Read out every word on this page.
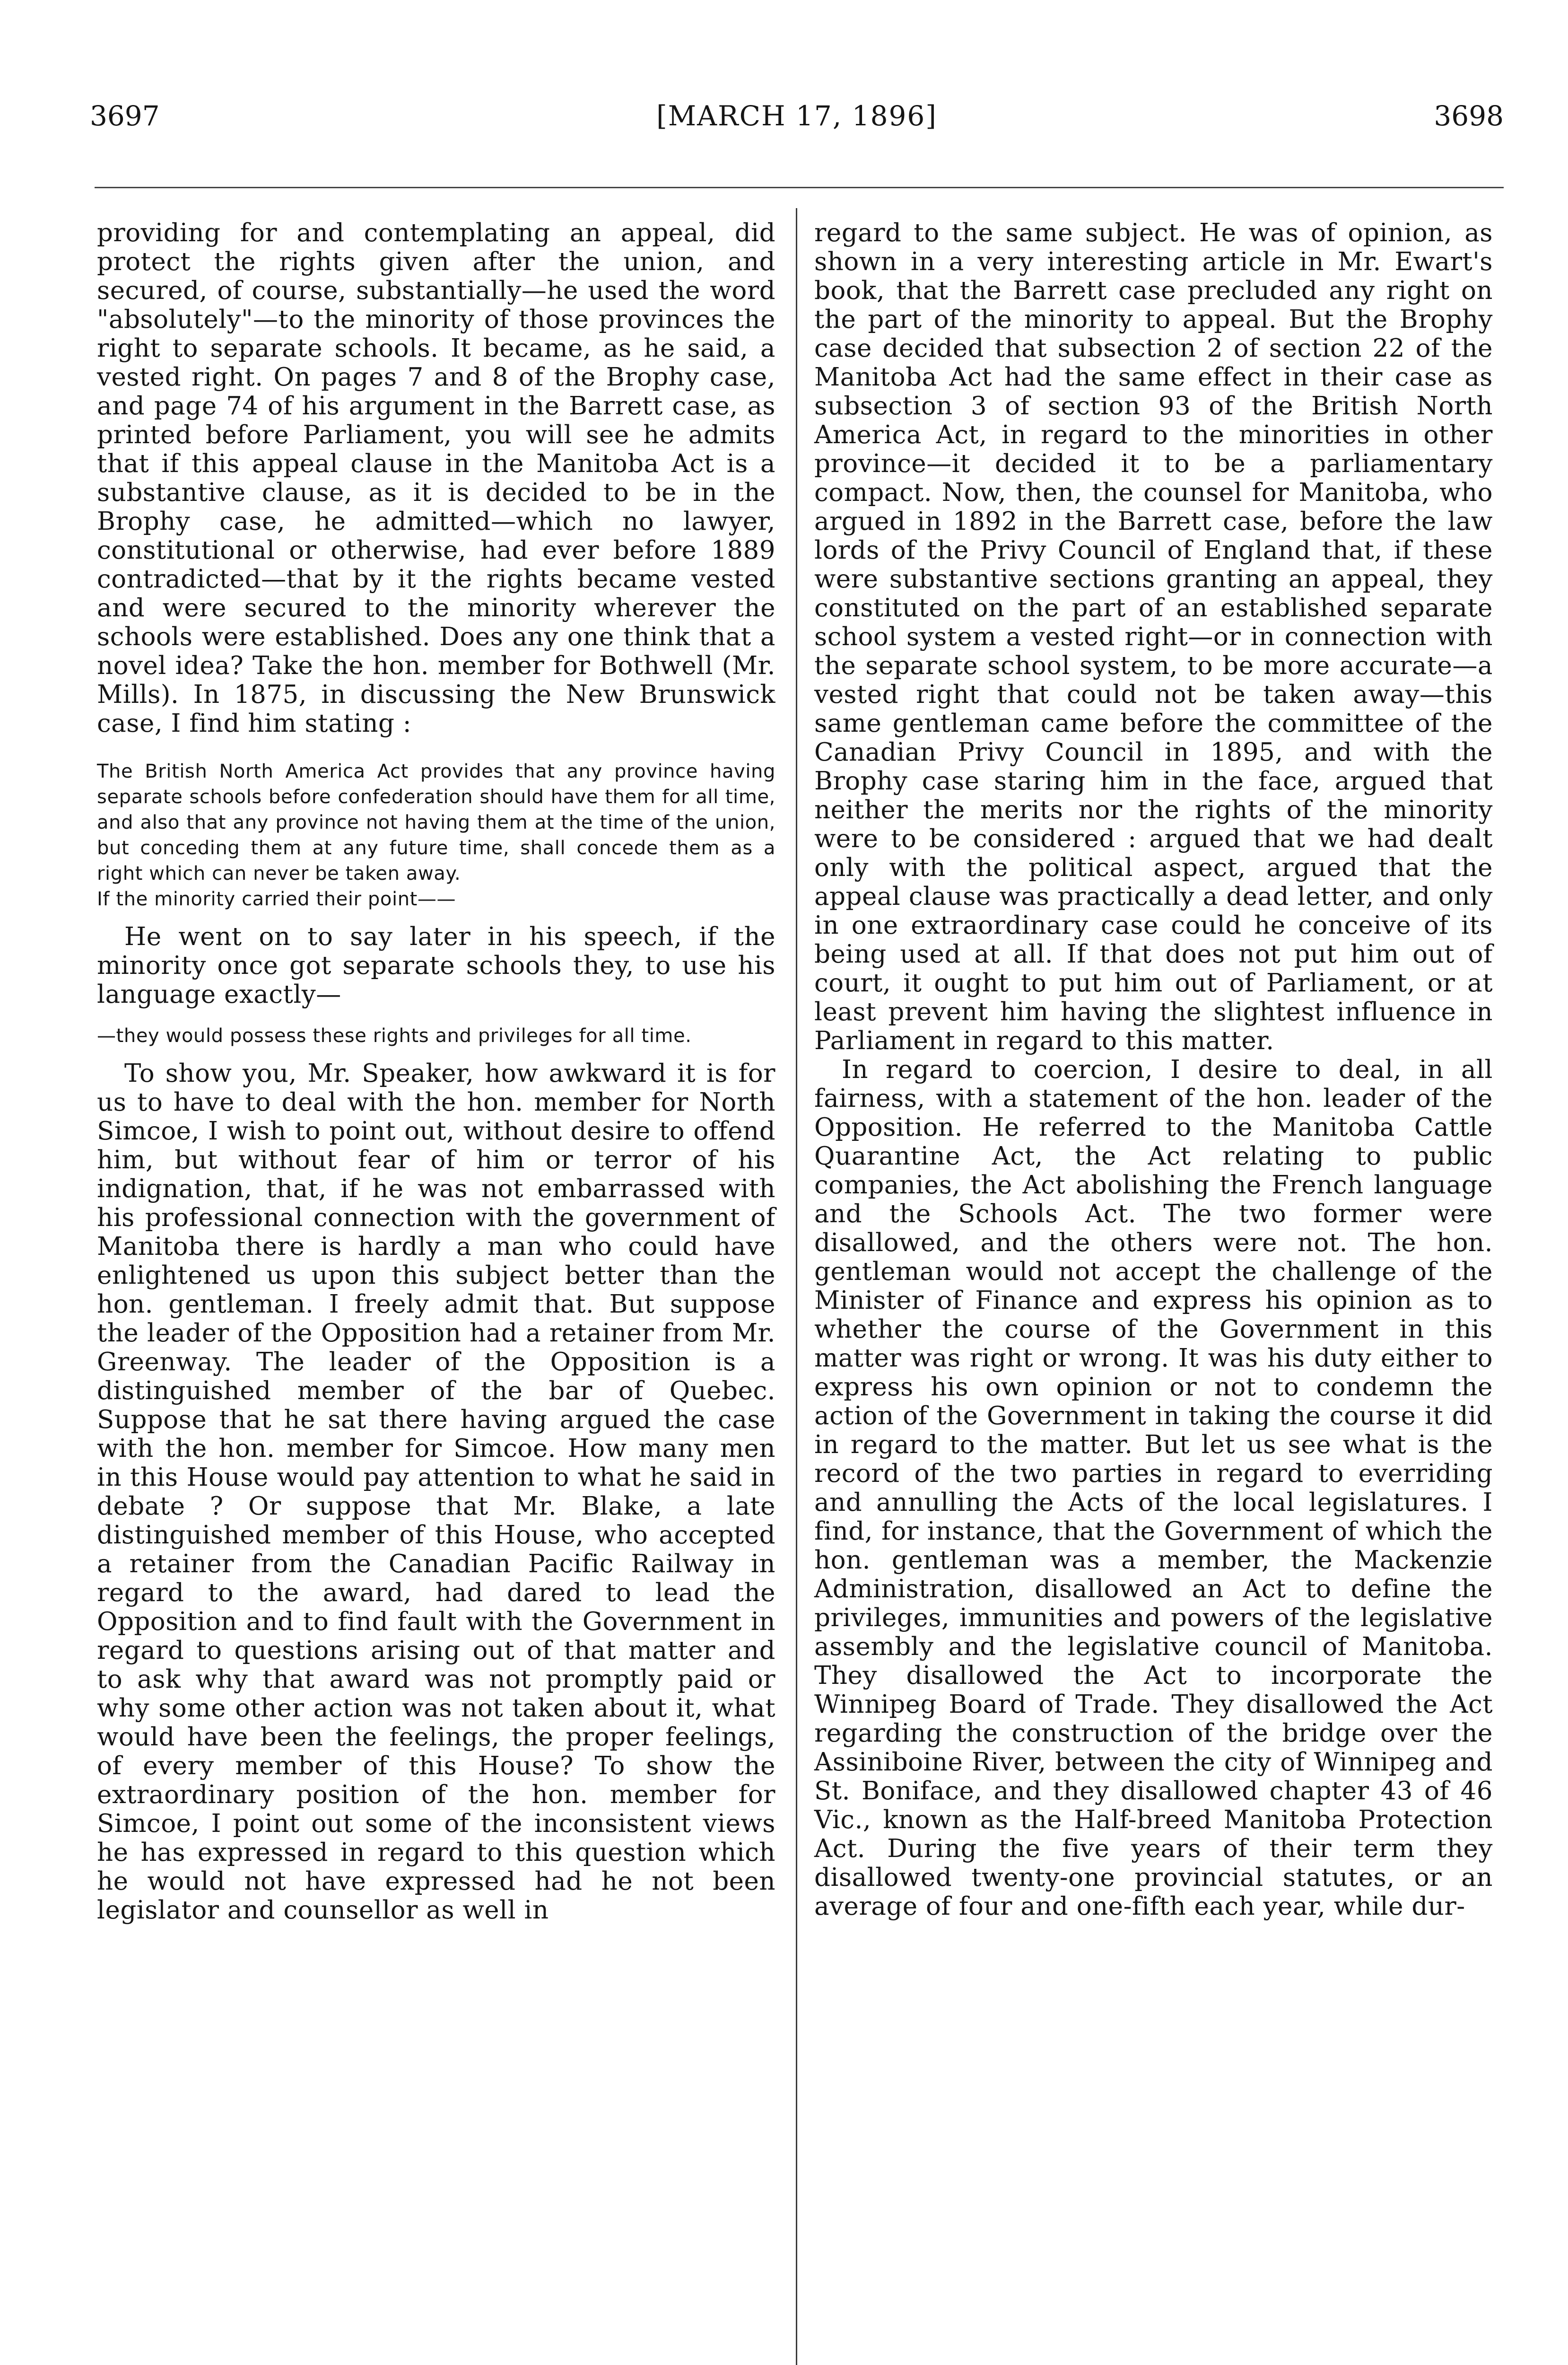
3697	[MARCH 17, 1896]	3698

providing for and contemplating an appeal, did protect the rights given after the union, and secured, of course, substantially—he used the word "absolutely"—to the minority of those provinces the right to separate schools. It became, as he said, a vested right. On pages 7 and 8 of the Brophy case, and page 74 of his argument in the Barrett case, as printed before Parliament, you will see he admits that if this appeal clause in the Manitoba Act is a substantive clause, as it is decided to be in the Brophy case, he admitted—which no lawyer, constitutional or otherwise, had ever before 1889 contradicted—that by it the rights became vested and were secured to the minority wherever the schools were established. Does any one think that a novel idea? Take the hon. member for Bothwell (Mr. Mills). In 1875, in discussing the New Brunswick case, I find him stating :

The British North America Act provides that any province having separate schools before confederation should have them for all time, and also that any province not having them at the time of the union, but conceding them at any future time, shall concede them as a right which can never be taken away.

If the minority carried their point——

He went on to say later in his speech, if the minority once got separate schools they, to use his language exactly—

—they would possess these rights and privileges for all time.

To show you, Mr. Speaker, how awkward it is for us to have to deal with the hon. member for North Simcoe, I wish to point out, without desire to offend him, but without fear of him or terror of his indignation, that, if he was not embarrassed with his professional connection with the government of Manitoba there is hardly a man who could have enlightened us upon this subject better than the hon. gentleman. I freely admit that. But suppose the leader of the Opposition had a retainer from Mr. Greenway. The leader of the Opposition is a distinguished member of the bar of Quebec. Suppose that he sat there having argued the case with the hon. member for Simcoe. How many men in this House would pay attention to what he said in debate ? Or suppose that Mr. Blake, a late distinguished member of this House, who accepted a retainer from the Canadian Pacific Railway in regard to the award, had dared to lead the Opposition and to find fault with the Government in regard to questions arising out of that matter and to ask why that award was not promptly paid or why some other action was not taken about it, what would have been the feelings, the proper feelings, of every member of this House? To show the extraordinary position of the hon. member for Simcoe, I point out some of the inconsistent views he has expressed in regard to this question which he would not have expressed had he not been legislator and counsellor as well in

regard to the same subject. He was of opinion, as shown in a very interesting article in Mr. Ewart's book, that the Barrett case precluded any right on the part of the minority to appeal. But the Brophy case decided that subsection 2 of section 22 of the Manitoba Act had the same effect in their case as subsection 3 of section 93 of the British North America Act, in regard to the minorities in other province—it decided it to be a parliamentary compact. Now, then, the counsel for Manitoba, who argued in 1892 in the Barrett case, before the law lords of the Privy Council of England that, if these were substantive sections granting an appeal, they constituted on the part of an established separate school system a vested right—or in connection with the separate school system, to be more accurate—a vested right that could not be taken away—this same gentleman came before the committee of the Canadian Privy Council in 1895, and with the Brophy case staring him in the face, argued that neither the merits nor the rights of the minority were to be considered : argued that we had dealt only with the political aspect, argued that the appeal clause was practically a dead letter, and only in one extraordinary case could he conceive of its being used at all. If that does not put him out of court, it ought to put him out of Parliament, or at least prevent him having the slightest influence in Parliament in regard to this matter.

In regard to coercion, I desire to deal, in all fairness, with a statement of the hon. leader of the Opposition. He referred to the Manitoba Cattle Quarantine Act, the Act relating to public companies, the Act abolishing the French language and the Schools Act. The two former were disallowed, and the others were not. The hon. gentleman would not accept the challenge of the Minister of Finance and express his opinion as to whether the course of the Government in this matter was right or wrong. It was his duty either to express his own opinion or not to condemn the action of the Government in taking the course it did in regard to the matter. But let us see what is the record of the two parties in regard to everriding and annulling the Acts of the local legislatures. I find, for instance, that the Government of which the hon. gentleman was a member, the Mackenzie Administration, disallowed an Act to define the privileges, immunities and powers of the legislative assembly and the legislative council of Manitoba. They disallowed the Act to incorporate the Winnipeg Board of Trade. They disallowed the Act regarding the construction of the bridge over the Assiniboine River, between the city of Winnipeg and St. Boniface, and they disallowed chapter 43 of 46 Vic., known as the Half-breed Manitoba Protection Act. During the five years of their term they disallowed twenty-one provincial statutes, or an average of four and one-fifth each year, while dur-
